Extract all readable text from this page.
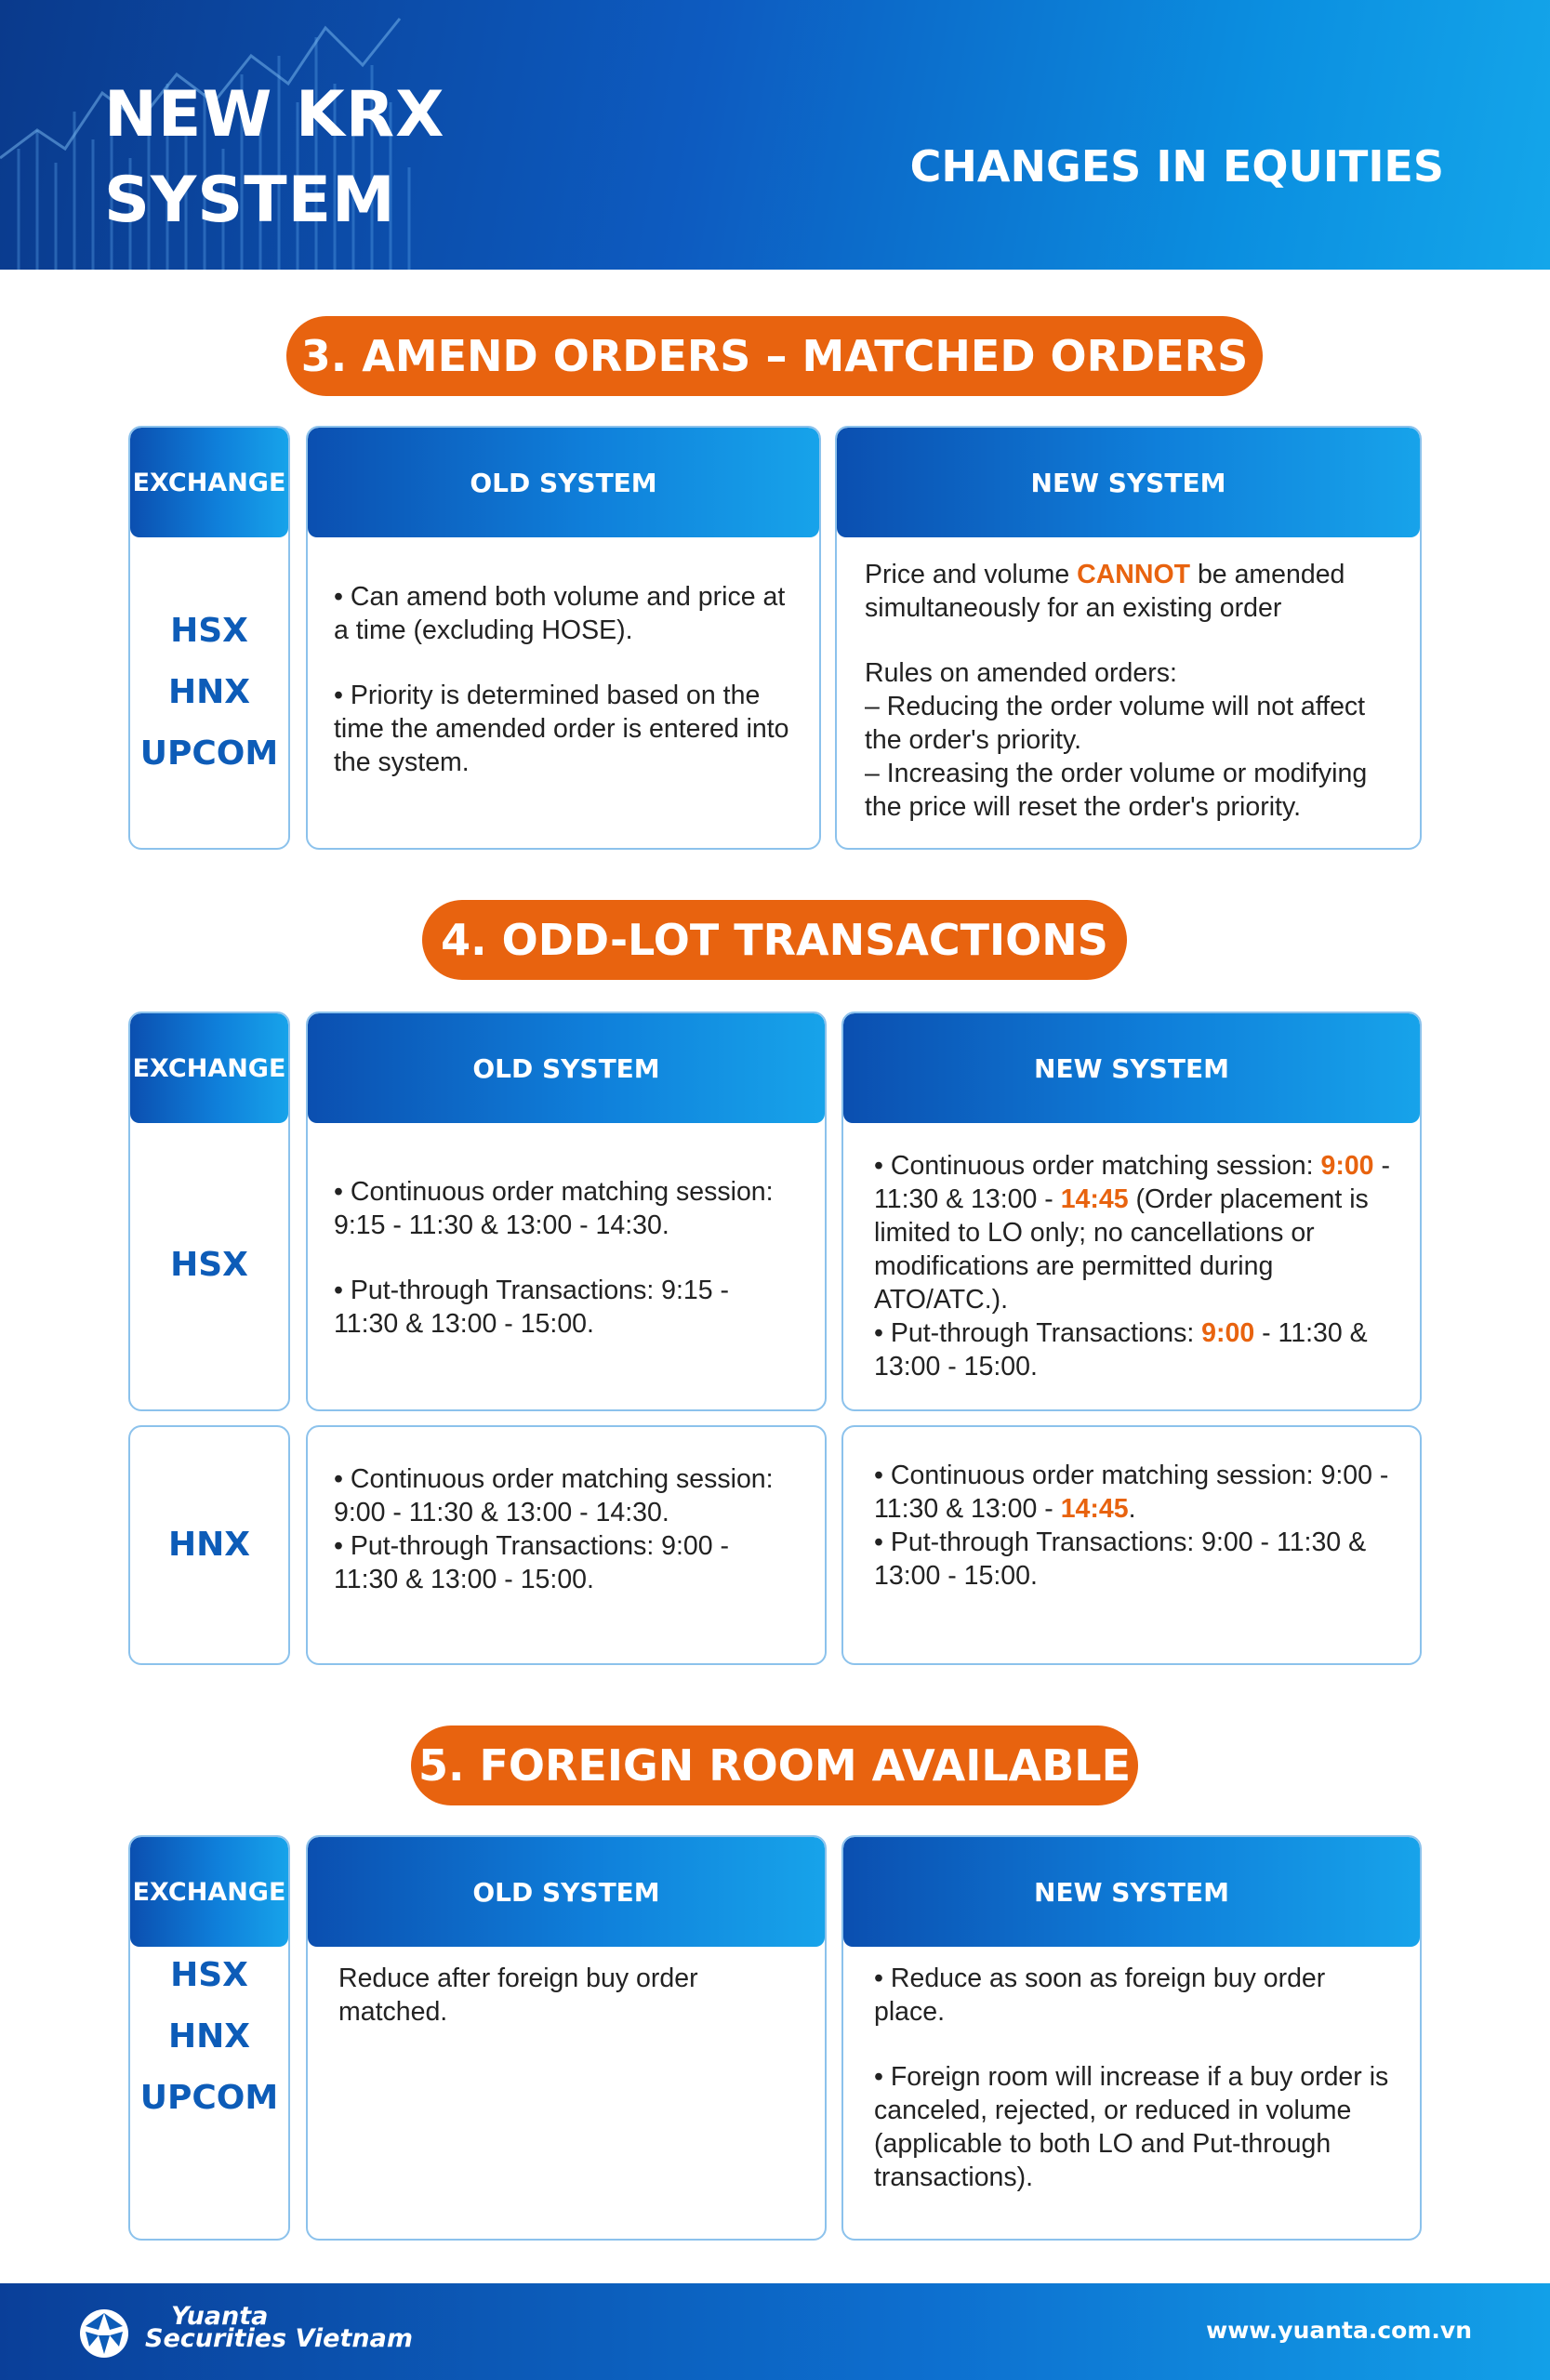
NEW KRX
SYSTEM	CHANGES IN EQUITIES
3. AMEND ORDERS – MATCHED ORDERS
EXCHANGE
HSX
HNX
UPCOM
OLD SYSTEM

• Can amend both volume and price at a time (excluding HOSE).

• Priority is determined based on the time the amended order is entered into the system.

NEW SYSTEM

Price and volume CANNOT be amended simultaneously for an existing order

Rules on amended orders:

– Reducing the order volume will not affect the order's priority.

– Increasing the order volume or modifying the price will reset the order's priority.

4. ODD-LOT TRANSACTIONS
EXCHANGE
HSX
OLD SYSTEM

• Continuous order matching session: 9:15 - 11:30 & 13:00 - 14:30.

• Put-through Transactions: 9:15 - 11:30 & 13:00 - 15:00.

NEW SYSTEM

• Continuous order matching session: 9:00 - 11:30 & 13:00 - 14:45 (Order placement is limited to LO only; no cancellations or modifications are permitted during ATO/ATC.).

• Put-through Transactions: 9:00 - 11:30 & 13:00 - 15:00.

HNX

• Continuous order matching session: 9:00 - 11:30 & 13:00 - 14:30.

• Put-through Transactions: 9:00 - 11:30 & 13:00 - 15:00.

• Continuous order matching session: 9:00 - 11:30 & 13:00 - 14:45.

• Put-through Transactions: 9:00 - 11:30 & 13:00 - 15:00.

5. FOREIGN ROOM AVAILABLE
EXCHANGE
HSX
HNX
UPCOM
OLD SYSTEM

Reduce after foreign buy order matched.

NEW SYSTEM

• Reduce as soon as foreign buy order place.

• Foreign room will increase if a buy order is canceled, rejected, or reduced in volume (applicable to both LO and Put-through transactions).

Yuanta
Securities Vietnam	www.yuanta.com.vn
